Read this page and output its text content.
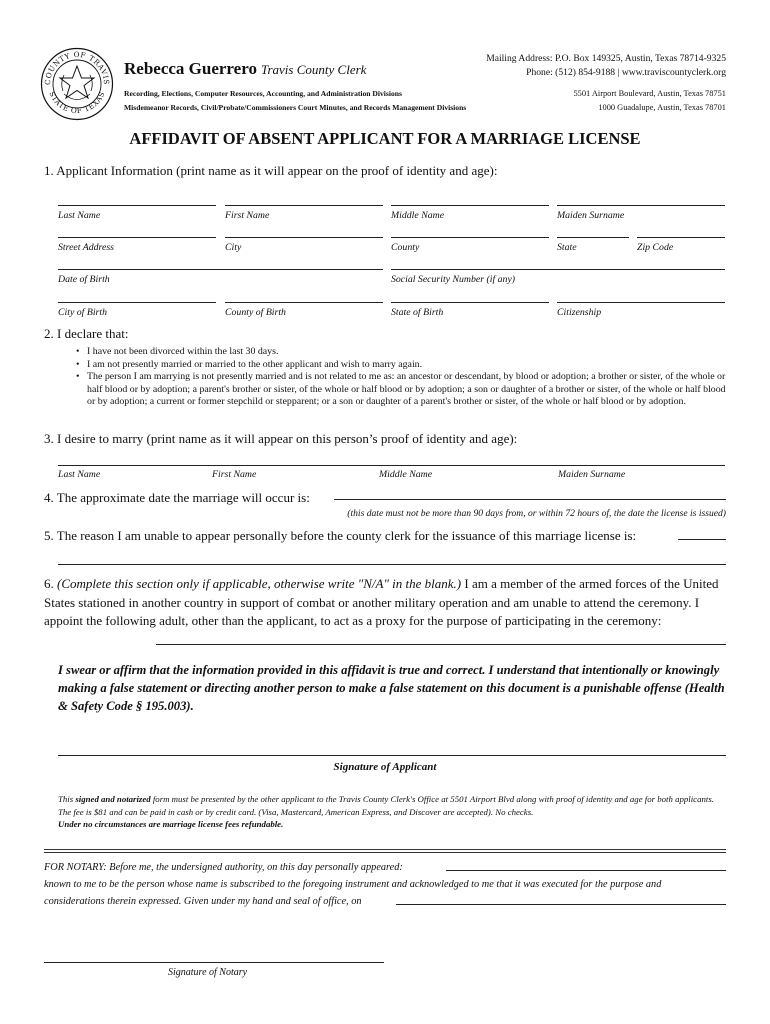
COUNTY OF TRAVIS
STATE OF TEXAS
Rebecca Guerrero Travis County Clerk
Recording, Elections, Computer Resources, Accounting, and Administration Divisions
Misdemeanor Records, Civil/Probate/Commissioners Court Minutes, and Records Management Divisions
Mailing Address: P.O. Box 149325, Austin, Texas 78714-9325
Phone: (512) 854-9188 | www.traviscountyclerk.org
5501 Airport Boulevard, Austin, Texas 78751
1000 Guadalupe, Austin, Texas 78701
AFFIDAVIT OF ABSENT APPLICANT FOR A MARRIAGE LICENSE
1. Applicant Information (print name as it will appear on the proof of identity and age):
Last Name	First Name	Middle Name	Maiden Surname
Street Address	City	County	State	Zip Code
Date of Birth	Social Security Number (if any)
City of Birth	County of Birth	State of Birth	Citizenship
2. I declare that:
• I have not been divorced within the last 30 days.
• I am not presently married or married to the other applicant and wish to marry again.
• The person I am marrying is not presently married and is not related to me as: an ancestor or descendant, by blood or adoption; a brother or sister, of the whole or half blood or by adoption; a parent's brother or sister, of the whole or half blood or by adoption; a son or daughter of a brother or sister, of the whole or half blood or by adoption; a current or former stepchild or stepparent; or a son or daughter of a parent's brother or sister, of the whole or half blood or by adoption.
3. I desire to marry (print name as it will appear on this person’s proof of identity and age):
Last Name	First Name	Middle Name	Maiden Surname
4. The approximate date the marriage will occur is:
(this date must not be more than 90 days from, or within 72 hours of, the date the license is issued)
5. The reason I am unable to appear personally before the county clerk for the issuance of this marriage license is:
6. (Complete this section only if applicable, otherwise write "N/A" in the blank.) I am a member of the armed forces of the United States stationed in another country in support of combat or another military operation and am unable to attend the ceremony. I appoint the following adult, other than the applicant, to act as a proxy for the purpose of participating in the ceremony:
I swear or affirm that the information provided in this affidavit is true and correct. I understand that intentionally or knowingly making a false statement or directing another person to make a false statement on this document is a punishable offense (Health & Safety Code § 195.003).
Signature of Applicant
This signed and notarized form must be presented by the other applicant to the Travis County Clerk's Office at 5501 Airport Blvd along with proof of identity and age for both applicants. The fee is $81 and can be paid in cash or by credit card. (Visa, Mastercard, American Express, and Discover are accepted). No checks.
Under no circumstances are marriage license fees refundable.
FOR NOTARY: Before me, the undersigned authority, on this day personally appeared:
known to me to be the person whose name is subscribed to the foregoing instrument and acknowledged to me that it was executed for the purpose and
considerations therein expressed. Given under my hand and seal of office, on
Signature of Notary
